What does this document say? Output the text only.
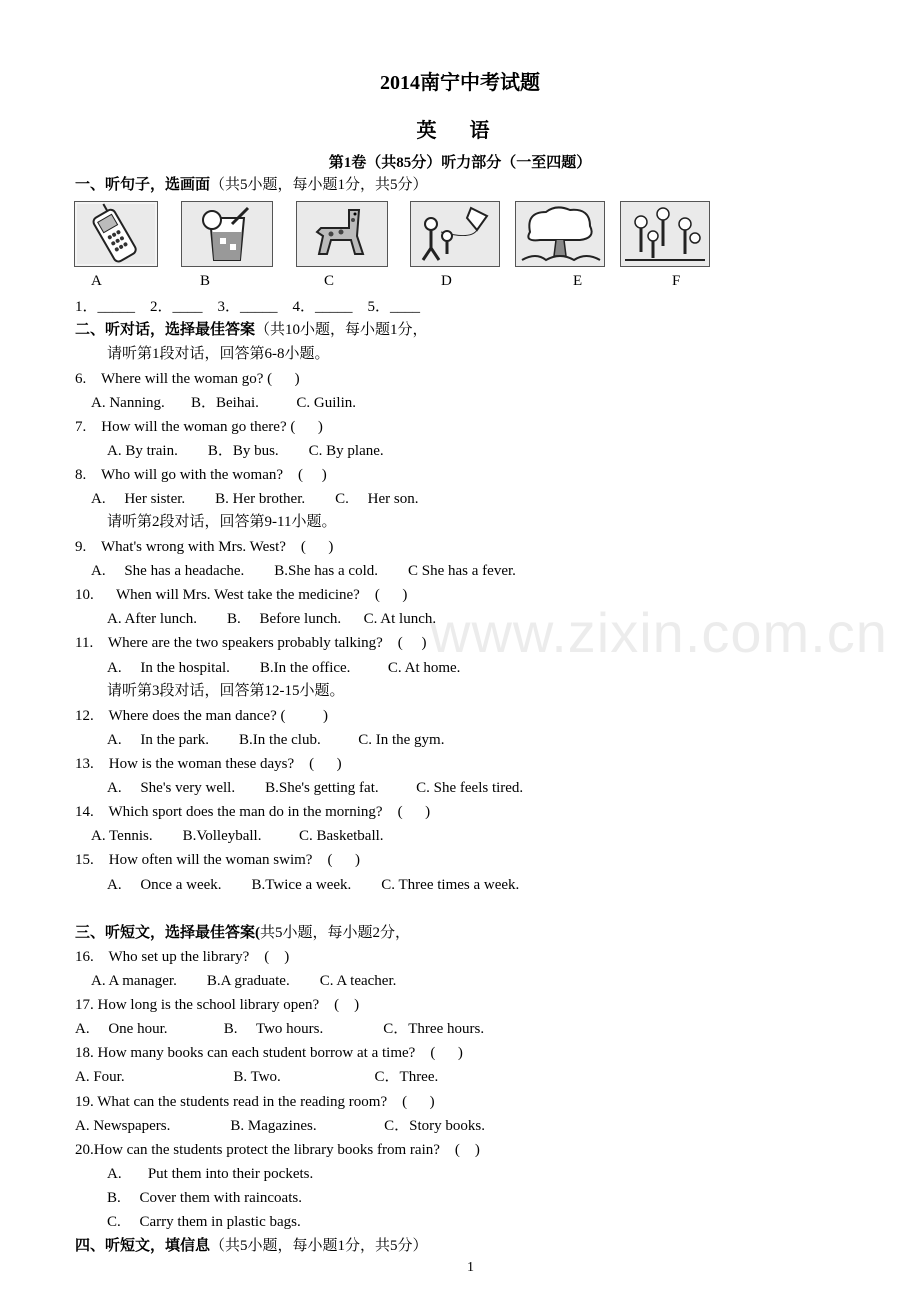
2014南宁中考试题
英 语
第1卷（共85分）听力部分（一至四题）
一、听句子，选画面（共5小题，每小题1分，共5分）
A	B	C	D	E	F
1．_____    2．____    3．_____    4．_____    5．____
二、听对话，选择最佳答案（共10小题，每小题1分，
请听第1段对话，回答第6-8小题。
6.    Where will the woman go? (      )
A. Nanning.       B．Beihai.          C. Guilin.
7.    How will the woman go there? (      )
A. By train.        B．By bus.        C. By plane.
8.    Who will go with the woman?    (     )
A.     Her sister.        B. Her brother.        C.     Her son.
请听第2段对话，回答第9-11小题。
9.    What's wrong with Mrs. West?    (      )
A.     She has a headache.        B.She has a cold.        C She has a fever.
10.      When will Mrs. West take the medicine?    (      )
A. After lunch.        B.     Before lunch.      C. At lunch.
11.    Where are the two speakers probably talking?    (     )
A.     In the hospital.        B.In the office.          C. At home.
请听第3段对话，回答第12-15小题。
12.    Where does the man dance? (          )
A.     In the park.        B.In the club.          C. In the gym.
13.    How is the woman these days?    (      )
A.     She's very well.        B.She's getting fat.          C. She feels tired.
14.    Which sport does the man do in the morning?    (      )
A. Tennis.        B.Volleyball.          C. Basketball.
15.    How often will the woman swim?    (      )
A.     Once a week.        B.Twice a week.        C. Three times a week.
三、听短文，选择最佳答案(共5小题，每小题2分，
16.    Who set up the library?    (    )
A. A manager.        B.A graduate.        C. A teacher.
17. How long is the school library open?    (    )
A.     One hour.               B.     Two hours.                C．Three hours.
18. How many books can each student borrow at a time?    (      )
A. Four.                             B. Two.                         C．Three.
19. What can the students read in the reading room?    (      )
A. Newspapers.                B. Magazines.                  C．Story books.
20.How can the students protect the library books from rain?    (    )
A.       Put them into their pockets.
B.     Cover them with raincoats.
C.     Carry them in plastic bags.
四、听短文，填信息（共5小题，每小题1分，共5分）
www.zixin.com.cn
1
